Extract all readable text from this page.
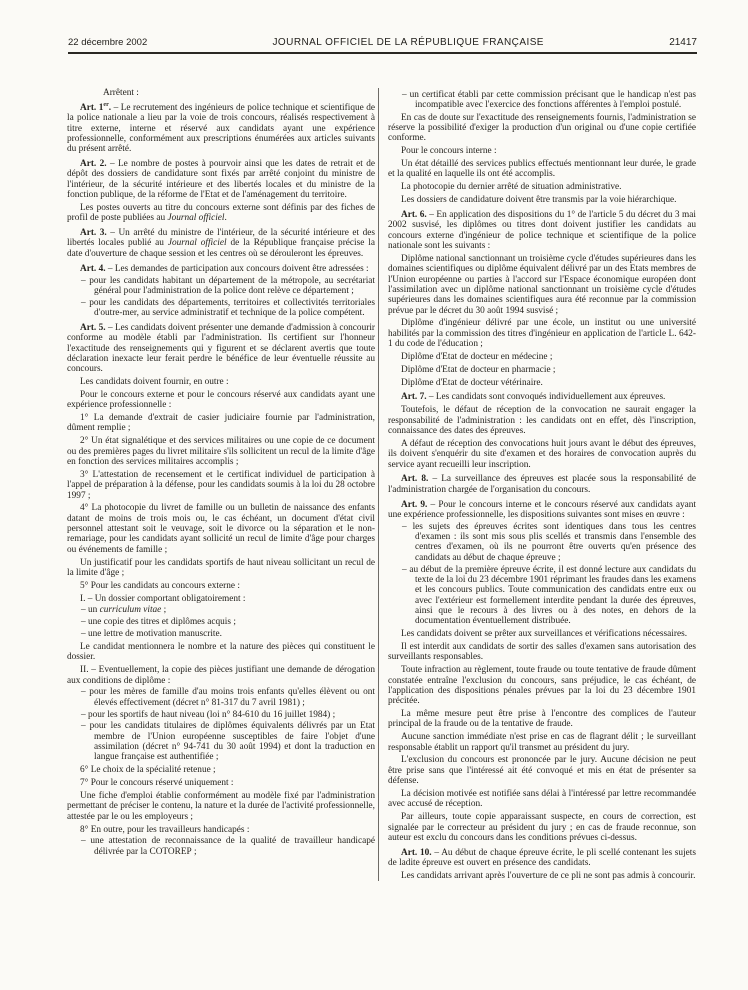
22 décembre 2002	JOURNAL OFFICIEL DE LA RÉPUBLIQUE FRANÇAISE	21417

Arrêtent :

Art. 1er. – Le recrutement des ingénieurs de police technique et scientifique de la police nationale a lieu par la voie de trois concours, réalisés respectivement à titre externe, interne et réservé aux candidats ayant une expérience professionnelle, conformément aux prescriptions énumérées aux articles suivants du présent arrêté.

Art. 2. – Le nombre de postes à pourvoir ainsi que les dates de retrait et de dépôt des dossiers de candidature sont fixés par arrêté conjoint du ministre de l'intérieur, de la sécurité intérieure et des libertés locales et du ministre de la fonction publique, de la réforme de l'Etat et de l'aménagement du territoire.

Les postes ouverts au titre du concours externe sont définis par des fiches de profil de poste publiées au Journal officiel.

Art. 3. – Un arrêté du ministre de l'intérieur, de la sécurité intérieure et des libertés locales publié au Journal officiel de la République française précise la date d'ouverture de chaque session et les centres où se dérouleront les épreuves.

Art. 4. – Les demandes de participation aux concours doivent être adressées :

– pour les candidats habitant un département de la métropole, au secrétariat général pour l'administration de la police dont relève ce département ;

– pour les candidats des départements, territoires et collectivités territoriales d'outre-mer, au service administratif et technique de la police compétent.

Art. 5. – Les candidats doivent présenter une demande d'admission à concourir conforme au modèle établi par l'administration. Ils certifient sur l'honneur l'exactitude des renseignements qui y figurent et se déclarent avertis que toute déclaration inexacte leur ferait perdre le bénéfice de leur éventuelle réussite au concours.

Les candidats doivent fournir, en outre :

Pour le concours externe et pour le concours réservé aux candidats ayant une expérience professionnelle :

1° La demande d'extrait de casier judiciaire fournie par l'administration, dûment remplie ;

2° Un état signalétique et des services militaires ou une copie de ce document ou des premières pages du livret militaire s'ils sollicitent un recul de la limite d'âge en fonction des services militaires accomplis ;

3° L'attestation de recensement et le certificat individuel de participation à l'appel de préparation à la défense, pour les candidats soumis à la loi du 28 octobre 1997 ;

4° La photocopie du livret de famille ou un bulletin de naissance des enfants datant de moins de trois mois ou, le cas échéant, un document d'état civil personnel attestant soit le veuvage, soit le divorce ou la séparation et le non-remariage, pour les candidats ayant sollicité un recul de limite d'âge pour charges ou événements de famille ;

Un justificatif pour les candidats sportifs de haut niveau sollicitant un recul de la limite d'âge ;

5° Pour les candidats au concours externe :

I. – Un dossier comportant obligatoirement :

– un curriculum vitae ;

– une copie des titres et diplômes acquis ;

– une lettre de motivation manuscrite.

Le candidat mentionnera le nombre et la nature des pièces qui constituent le dossier.

II. – Eventuellement, la copie des pièces justifiant une demande de dérogation aux conditions de diplôme :

– pour les mères de famille d'au moins trois enfants qu'elles élèvent ou ont élevés effectivement (décret n° 81-317 du 7 avril 1981) ;

– pour les sportifs de haut niveau (loi n° 84-610 du 16 juillet 1984) ;

– pour les candidats titulaires de diplômes équivalents délivrés par un Etat membre de l'Union européenne susceptibles de faire l'objet d'une assimilation (décret n° 94-741 du 30 août 1994) et dont la traduction en langue française est authentifiée ;

6° Le choix de la spécialité retenue ;

7° Pour le concours réservé uniquement :

Une fiche d'emploi établie conformément au modèle fixé par l'administration permettant de préciser le contenu, la nature et la durée de l'activité professionnelle, attestée par le ou les employeurs ;

8° En outre, pour les travailleurs handicapés :

– une attestation de reconnaissance de la qualité de travailleur handicapé délivrée par la COTOREP ;

– un certificat établi par cette commission précisant que le handicap n'est pas incompatible avec l'exercice des fonctions afférentes à l'emploi postulé.

En cas de doute sur l'exactitude des renseignements fournis, l'administration se réserve la possibilité d'exiger la production d'un original ou d'une copie certifiée conforme.

Pour le concours interne :

Un état détaillé des services publics effectués mentionnant leur durée, le grade et la qualité en laquelle ils ont été accomplis.

La photocopie du dernier arrêté de situation administrative.

Les dossiers de candidature doivent être transmis par la voie hiérarchique.

Art. 6. – En application des dispositions du 1° de l'article 5 du décret du 3 mai 2002 susvisé, les diplômes ou titres dont doivent justifier les candidats au concours externe d'ingénieur de police technique et scientifique de la police nationale sont les suivants :

Diplôme national sanctionnant un troisième cycle d'études supérieures dans les domaines scientifiques ou diplôme équivalent délivré par un des Etats membres de l'Union européenne ou parties à l'accord sur l'Espace économique européen dont l'assimilation avec un diplôme national sanctionnant un troisième cycle d'études supérieures dans les domaines scientifiques aura été reconnue par la commission prévue par le décret du 30 août 1994 susvisé ;

Diplôme d'ingénieur délivré par une école, un institut ou une université habilités par la commission des titres d'ingénieur en application de l'article L. 642-1 du code de l'éducation ;

Diplôme d'Etat de docteur en médecine ;

Diplôme d'Etat de docteur en pharmacie ;

Diplôme d'Etat de docteur vétérinaire.

Art. 7. – Les candidats sont convoqués individuellement aux épreuves.

Toutefois, le défaut de réception de la convocation ne saurait engager la responsabilité de l'administration : les candidats ont en effet, dès l'inscription, connaissance des dates des épreuves.

A défaut de réception des convocations huit jours avant le début des épreuves, ils doivent s'enquérir du site d'examen et des horaires de convocation auprès du service ayant recueilli leur inscription.

Art. 8. – La surveillance des épreuves est placée sous la responsabilité de l'administration chargée de l'organisation du concours.

Art. 9. – Pour le concours interne et le concours réservé aux candidats ayant une expérience professionnelle, les dispositions suivantes sont mises en œuvre :

– les sujets des épreuves écrites sont identiques dans tous les centres d'examen : ils sont mis sous plis scellés et transmis dans l'ensemble des centres d'examen, où ils ne pourront être ouverts qu'en présence des candidats au début de chaque épreuve ;

– au début de la première épreuve écrite, il est donné lecture aux candidats du texte de la loi du 23 décembre 1901 réprimant les fraudes dans les examens et les concours publics. Toute communication des candidats entre eux ou avec l'extérieur est formellement interdite pendant la durée des épreuves, ainsi que le recours à des livres ou à des notes, en dehors de la documentation éventuellement distribuée.

Les candidats doivent se prêter aux surveillances et vérifications nécessaires.

Il est interdit aux candidats de sortir des salles d'examen sans autorisation des surveillants responsables.

Toute infraction au règlement, toute fraude ou toute tentative de fraude dûment constatée entraîne l'exclusion du concours, sans préjudice, le cas échéant, de l'application des dispositions pénales prévues par la loi du 23 décembre 1901 précitée.

La même mesure peut être prise à l'encontre des complices de l'auteur principal de la fraude ou de la tentative de fraude.

Aucune sanction immédiate n'est prise en cas de flagrant délit ; le surveillant responsable établit un rapport qu'il transmet au président du jury.

L'exclusion du concours est prononcée par le jury. Aucune décision ne peut être prise sans que l'intéressé ait été convoqué et mis en état de présenter sa défense.

La décision motivée est notifiée sans délai à l'intéressé par lettre recommandée avec accusé de réception.

Par ailleurs, toute copie apparaissant suspecte, en cours de correction, est signalée par le correcteur au président du jury ; en cas de fraude reconnue, son auteur est exclu du concours dans les conditions prévues ci-dessus.

Art. 10. – Au début de chaque épreuve écrite, le pli scellé contenant les sujets de ladite épreuve est ouvert en présence des candidats.

Les candidats arrivant après l'ouverture de ce pli ne sont pas admis à concourir.
